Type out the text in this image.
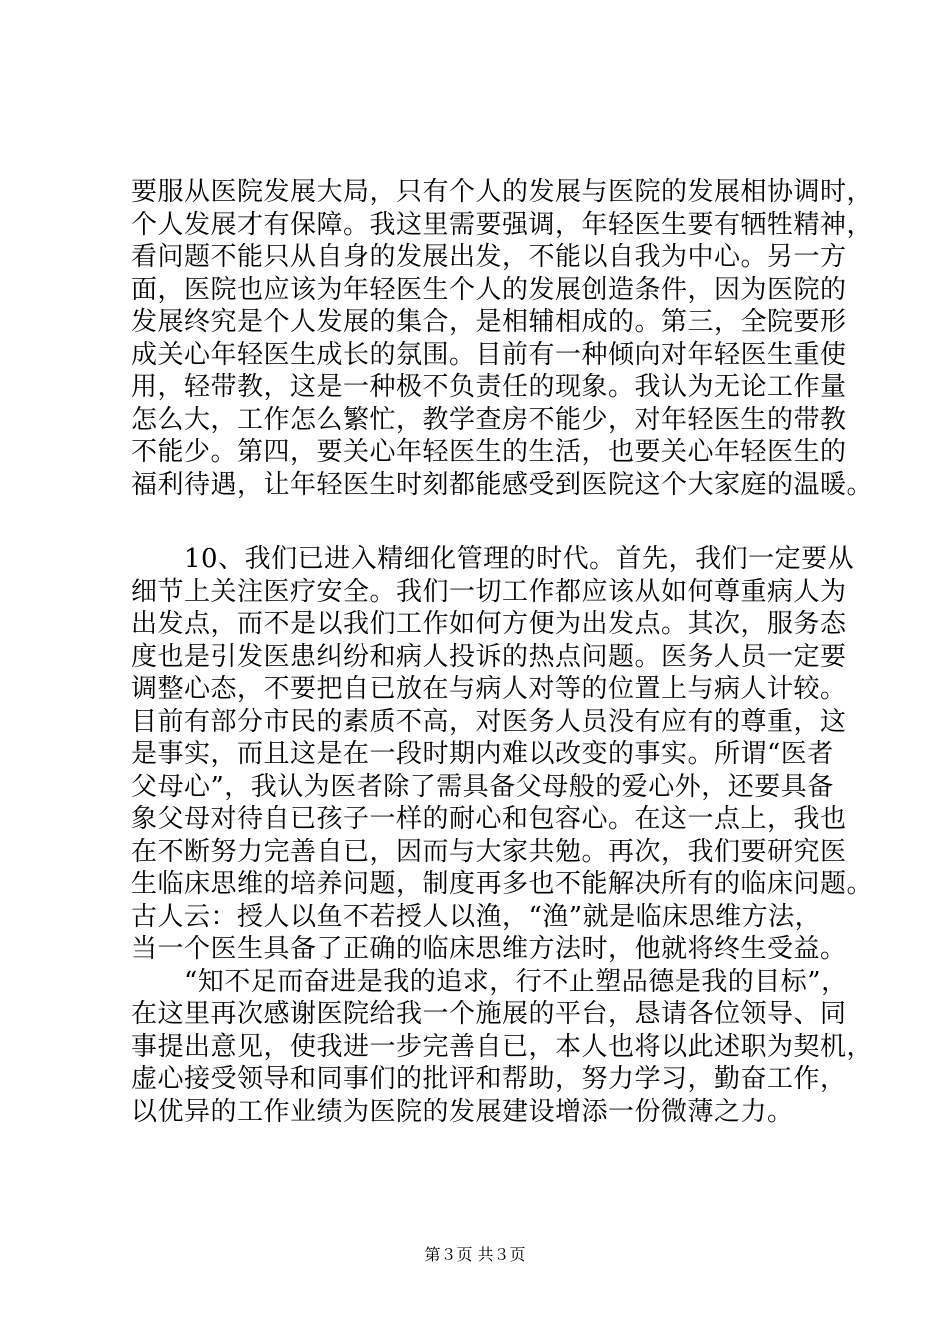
要服从医院发展大局，只有个人的发展与医院的发展相协调时，
个人发展才有保障。我这里需要强调，年轻医生要有牺牲精神，
看问题不能只从自身的发展出发，不能以自我为中心。另一方
面，医院也应该为年轻医生个人的发展创造条件，因为医院的
发展终究是个人发展的集合，是相辅相成的。第三，全院要形
成关心年轻医生成长的氛围。目前有一种倾向对年轻医生重使
用，轻带教，这是一种极不负责任的现象。我认为无论工作量
怎么大，工作怎么繁忙，教学查房不能少，对年轻医生的带教
不能少。第四，要关心年轻医生的生活，也要关心年轻医生的
福利待遇，让年轻医生时刻都能感受到医院这个大家庭的温暖。
　　10、我们已进入精细化管理的时代。首先，我们一定要从
细节上关注医疗安全。我们一切工作都应该从如何尊重病人为
出发点，而不是以我们工作如何方便为出发点。其次，服务态
度也是引发医患纠纷和病人投诉的热点问题。医务人员一定要
调整心态，不要把自已放在与病人对等的位置上与病人计较。
目前有部分市民的素质不高，对医务人员没有应有的尊重，这
是事实，而且这是在一段时期内难以改变的事实。所谓“医者
父母心”，我认为医者除了需具备父母般的爱心外，还要具备
象父母对待自已孩子一样的耐心和包容心。在这一点上，我也
在不断努力完善自已，因而与大家共勉。再次，我们要研究医
生临床思维的培养问题，制度再多也不能解决所有的临床问题。
古人云：授人以鱼不若授人以渔，“渔”就是临床思维方法，
当一个医生具备了正确的临床思维方法时，他就将终生受益。
　　“知不足而奋进是我的追求，行不止塑品德是我的目标”，
在这里再次感谢医院给我一个施展的平台，恳请各位领导、同
事提出意见，使我进一步完善自已，本人也将以此述职为契机，
虚心接受领导和同事们的批评和帮助，努力学习，勤奋工作，
以优异的工作业绩为医院的发展建设增添一份微薄之力。
第３页 共３页
